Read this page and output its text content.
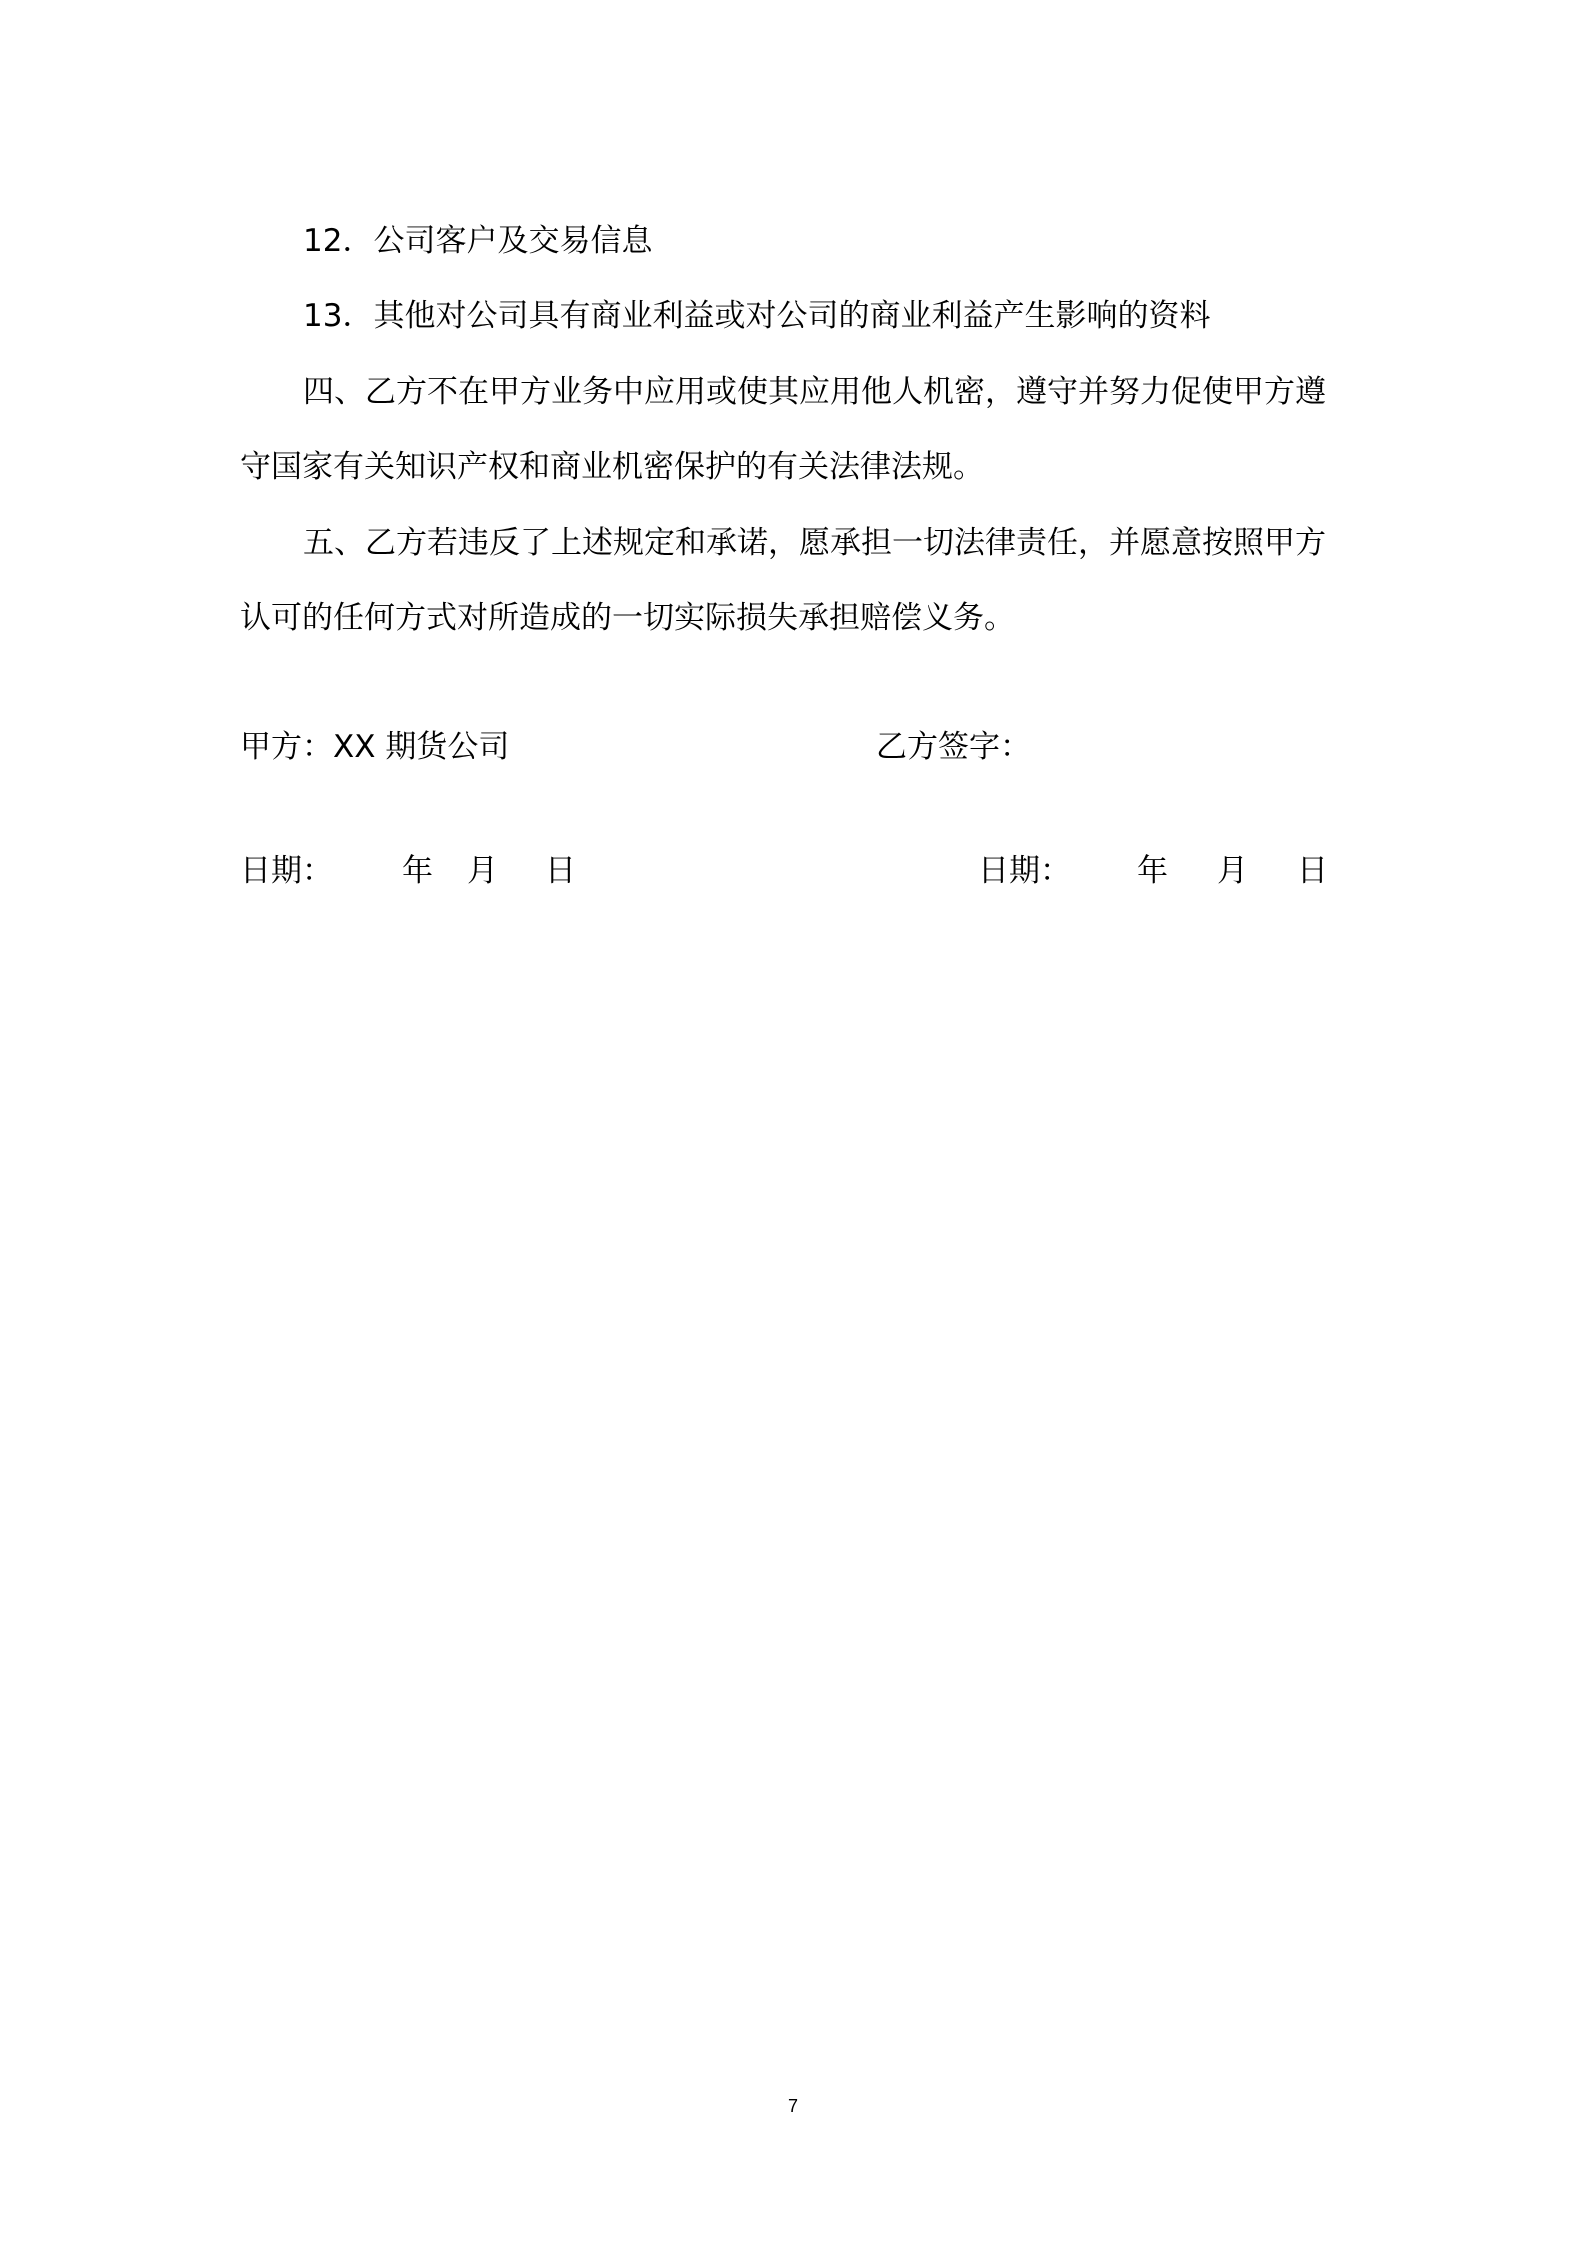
12．公司客户及交易信息
13．其他对公司具有商业利益或对公司的商业利益产生影响的资料
四、乙方不在甲方业务中应用或使其应用他人机密，遵守并努力促使甲方遵
守国家有关知识产权和商业机密保护的有关法律法规。
五、乙方若违反了上述规定和承诺，愿承担一切法律责任，并愿意按照甲方
认可的任何方式对所造成的一切实际损失承担赔偿义务。
甲方：XX 期货公司	乙方签字：
日期： 年 月 日	日期： 年 月 日
7
